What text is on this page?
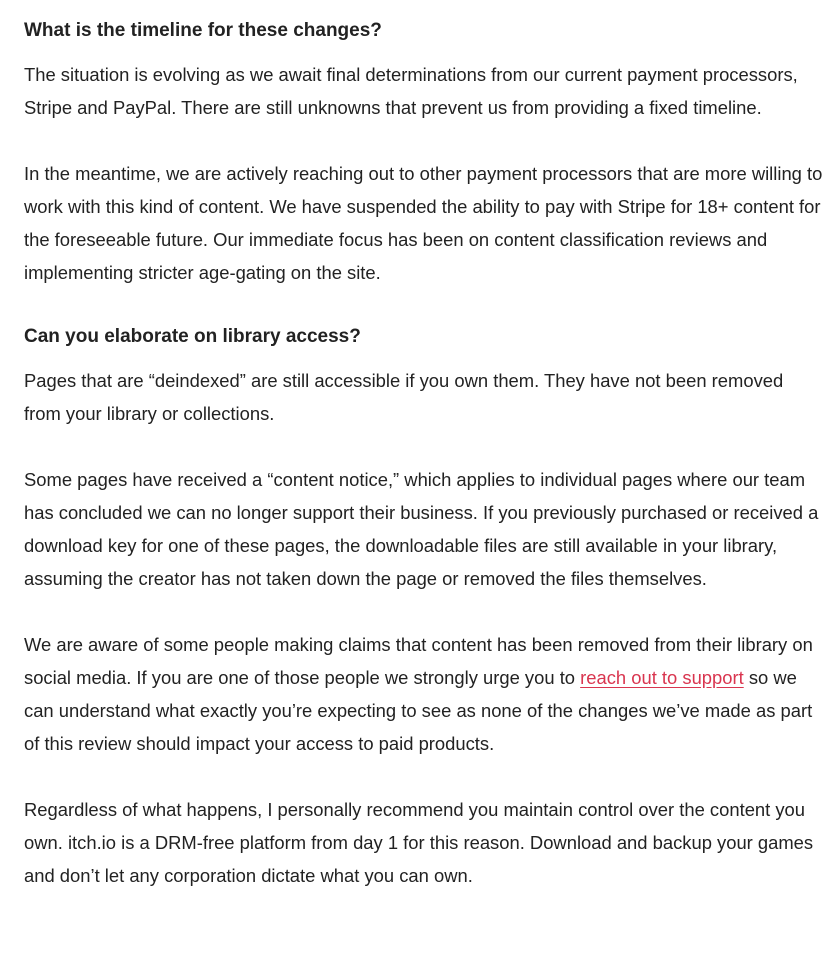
What is the timeline for these changes?

The situation is evolving as we await final determinations from our current payment processors, Stripe and PayPal. There are still unknowns that prevent us from providing a fixed timeline.

In the meantime, we are actively reaching out to other payment processors that are more willing to work with this kind of content. We have suspended the ability to pay with Stripe for 18+ content for the foreseeable future. Our immediate focus has been on content classification reviews and implementing stricter age-gating on the site.

Can you elaborate on library access?

Pages that are “deindexed” are still accessible if you own them. They have not been removed from your library or collections.

Some pages have received a “content notice,” which applies to individual pages where our team has concluded we can no longer support their business. If you previously purchased or received a download key for one of these pages, the downloadable files are still available in your library, assuming the creator has not taken down the page or removed the files themselves.

We are aware of some people making claims that content has been removed from their library on social media. If you are one of those people we strongly urge you to reach out to support so we can understand what exactly you’re expecting to see as none of the changes we’ve made as part of this review should impact your access to paid products.

Regardless of what happens, I personally recommend you maintain control over the content you own. itch.io is a DRM-free platform from day 1 for this reason. Download and backup your games and don’t let any corporation dictate what you can own.
